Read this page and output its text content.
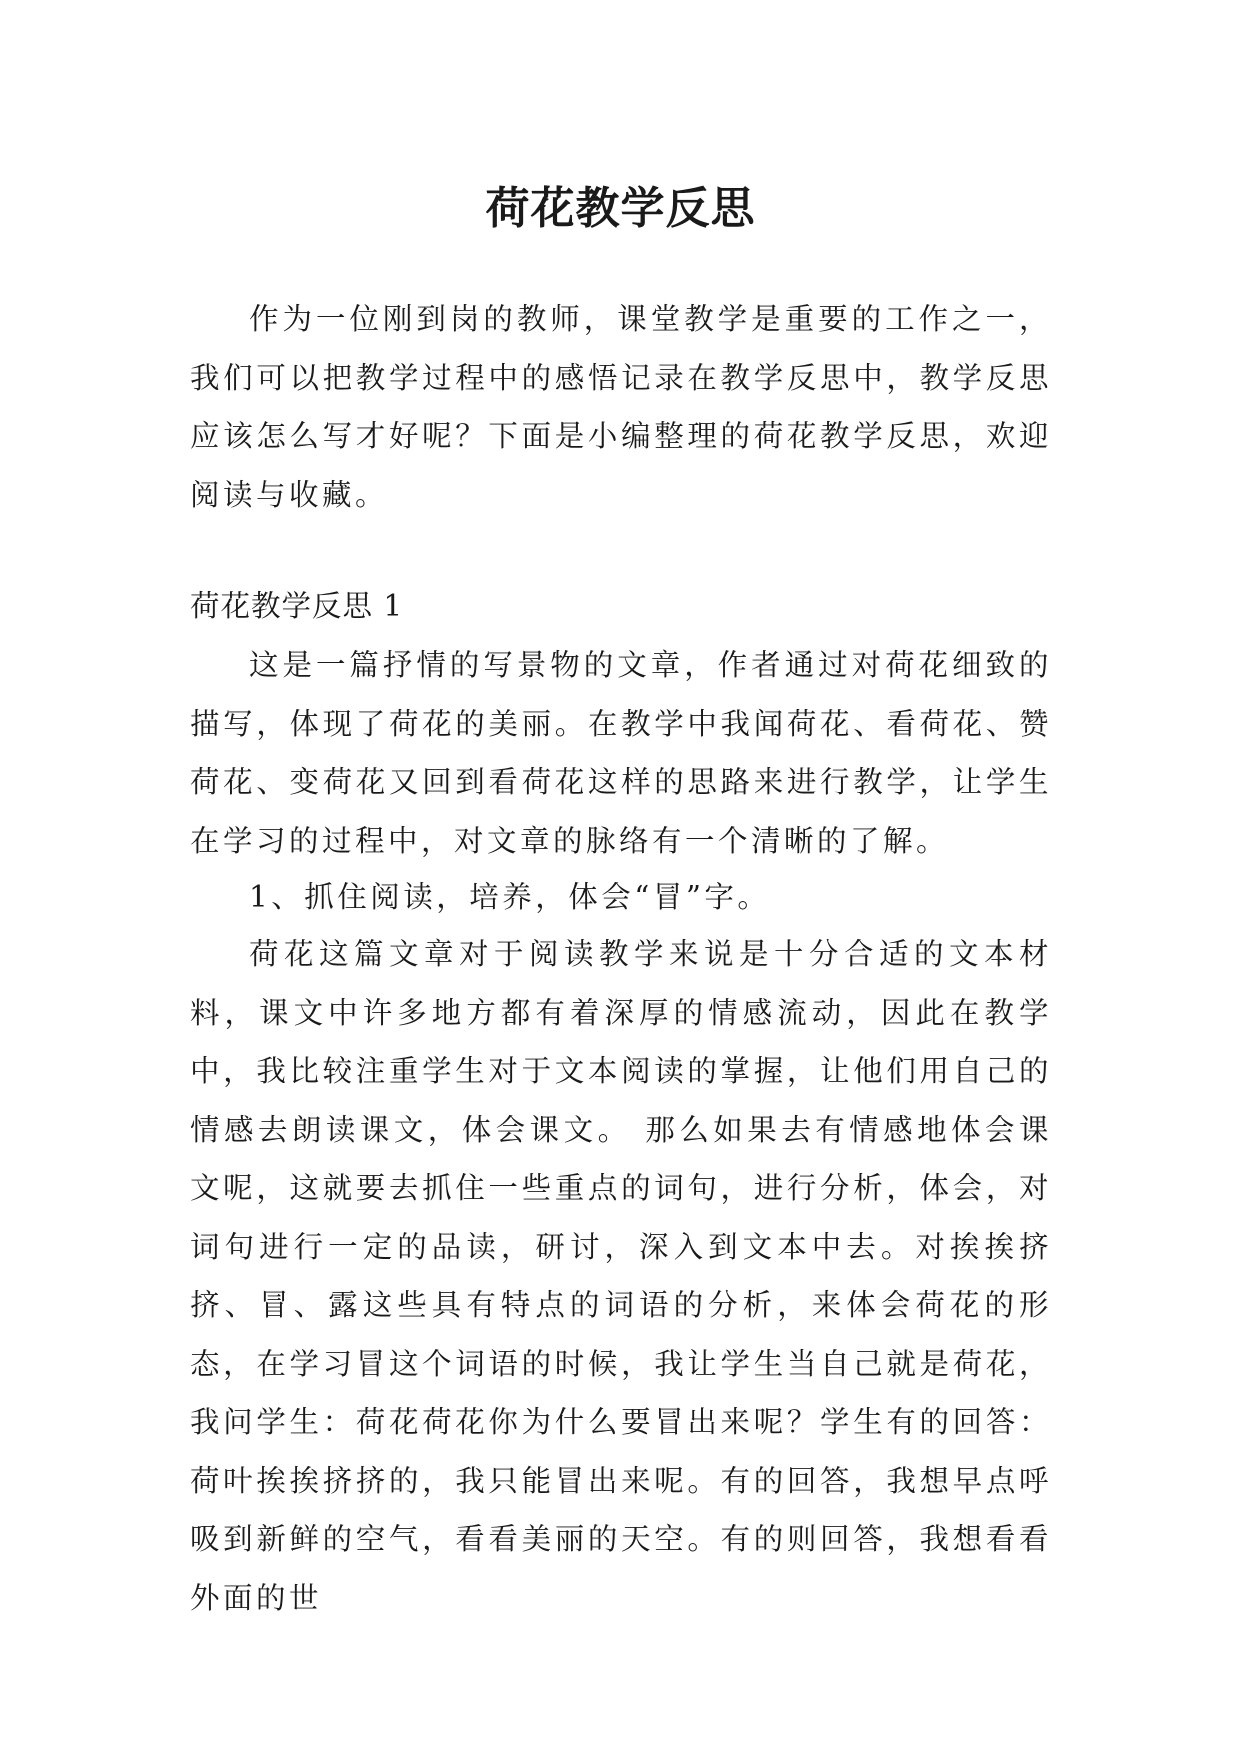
荷花教学反思

作为一位刚到岗的教师，课堂教学是重要的工作之一，我们可以把教学过程中的感悟记录在教学反思中，教学反思应该怎么写才好呢？下面是小编整理的荷花教学反思，欢迎阅读与收藏。

荷花教学反思 1

这是一篇抒情的写景物的文章，作者通过对荷花细致的描写，体现了荷花的美丽。在教学中我闻荷花、看荷花、赞荷花、变荷花又回到看荷花这样的思路来进行教学，让学生在学习的过程中，对文章的脉络有一个清晰的了解。

1、抓住阅读，培养，体会“冒”字。

荷花这篇文章对于阅读教学来说是十分合适的文本材料，课文中许多地方都有着深厚的情感流动，因此在教学中，我比较注重学生对于文本阅读的掌握，让他们用自己的情感去朗读课文，体会课文。 那么如果去有情感地体会课文呢，这就要去抓住一些重点的词句，进行分析，体会，对词句进行一定的品读，研讨，深入到文本中去。对挨挨挤挤、冒、露这些具有特点的词语的分析，来体会荷花的形态，在学习冒这个词语的时候，我让学生当自己就是荷花，我问学生：荷花荷花你为什么要冒出来呢？学生有的回答：荷叶挨挨挤挤的，我只能冒出来呢。有的回答，我想早点呼吸到新鲜的空气，看看美丽的天空。有的则回答，我想看看外面的世
